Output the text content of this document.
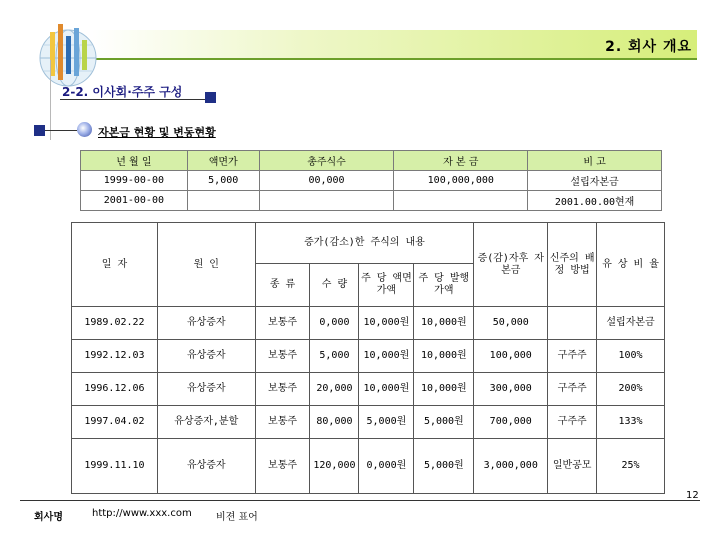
2. 회사 개요
2-2. 이사회·주주 구성
자본금 현황 및 변동현황
년 월 일	액면가	총주식수	자 본 금	비 고
1999-00-00	5,000	00,000	100,000,000	설립자본금
2001-00-00				2001.00.00현재
일 자	원 인	증가(감소)한 주식의 내용				증(감)자후 자본금	신주의 배정 방법	유 상 비 율
		종 류	수 량	주 당 액면가액	주 당 발행가액			
1989.02.22	유상증자	보통주	0,000	10,000원	10,000원	50,000		설립자본금
1992.12.03	유상증자	보통주	5,000	10,000원	10,000원	100,000	구주주	100%
1996.12.06	유상증자	보통주	20,000	10,000원	10,000원	300,000	구주주	200%
1997.04.02	유상증자,분할	보통주	80,000	5,000원	5,000원	700,000	구주주	133%
1999.11.10	유상증자	보통주	120,000	0,000원	5,000원	3,000,000	일반공모	25%
12
회사명	http://www.xxx.com 비젼 표어
